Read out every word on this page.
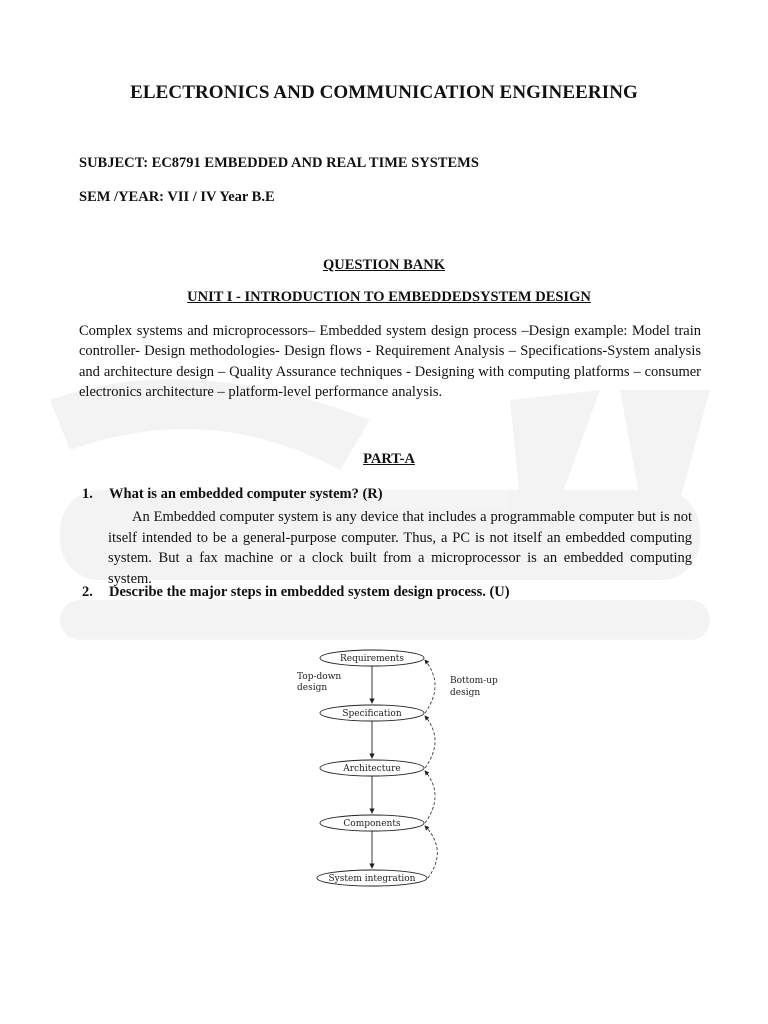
ELECTRONICS AND COMMUNICATION ENGINEERING
SUBJECT: EC8791 EMBEDDED AND REAL TIME SYSTEMS
SEM /YEAR: VII / IV Year B.E
QUESTION BANK
UNIT I - INTRODUCTION TO EMBEDDEDSYSTEM DESIGN
Complex systems and microprocessors– Embedded system design process –Design example: Model train controller- Design methodologies- Design flows - Requirement Analysis – Specifications-System analysis and architecture design – Quality Assurance techniques - Designing with computing platforms – consumer electronics architecture – platform-level performance analysis.
PART-A
1. What is an embedded computer system? (R)
An Embedded computer system is any device that includes a programmable computer but is not itself intended to be a general-purpose computer. Thus, a PC is not itself an embedded computing system. But a fax machine or a clock built from a microprocessor is an embedded computing system.
2. Describe the major steps in embedded system design process. (U)
Requirements
Specification
Architecture
Components
System integration
Top-down
design
Bottom-up
design
